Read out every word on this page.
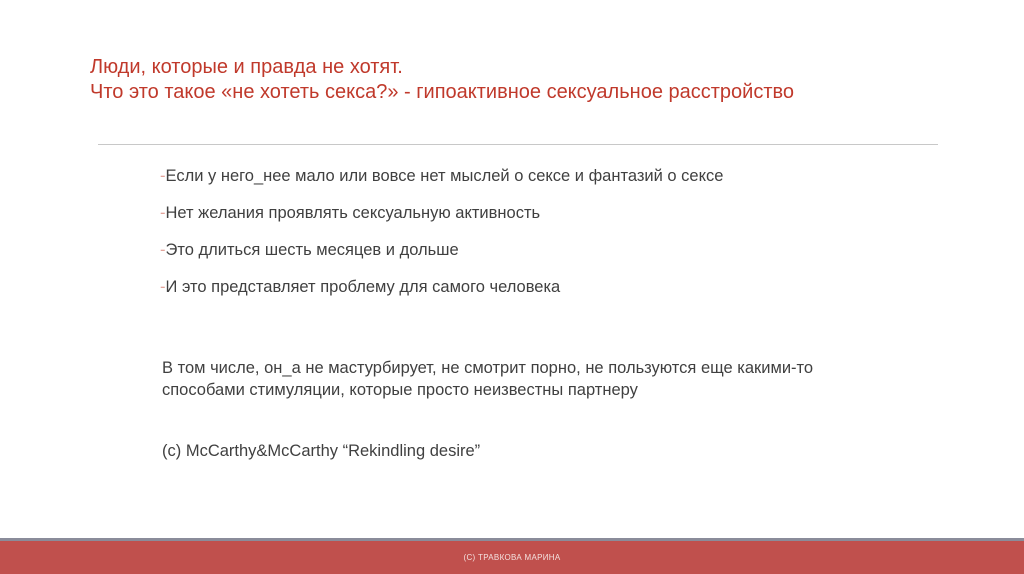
Люди, которые и правда не хотят.
Что это такое «не хотеть секса?» - гипоактивное сексуальное расстройство
-Если у него_нее мало или вовсе нет мыслей о сексе и фантазий о сексе
-Нет желания проявлять сексуальную активность
-Это длиться шесть месяцев и дольше
-И это представляет проблему для самого человека
В том числе, он_а не мастурбирует, не смотрит порно, не пользуются еще какими-то способами стимуляции, которые просто неизвестны партнеру
(c) McCarthy&McCarthy “Rekindling desire”
(С) ТРАВКОВА МАРИНА
